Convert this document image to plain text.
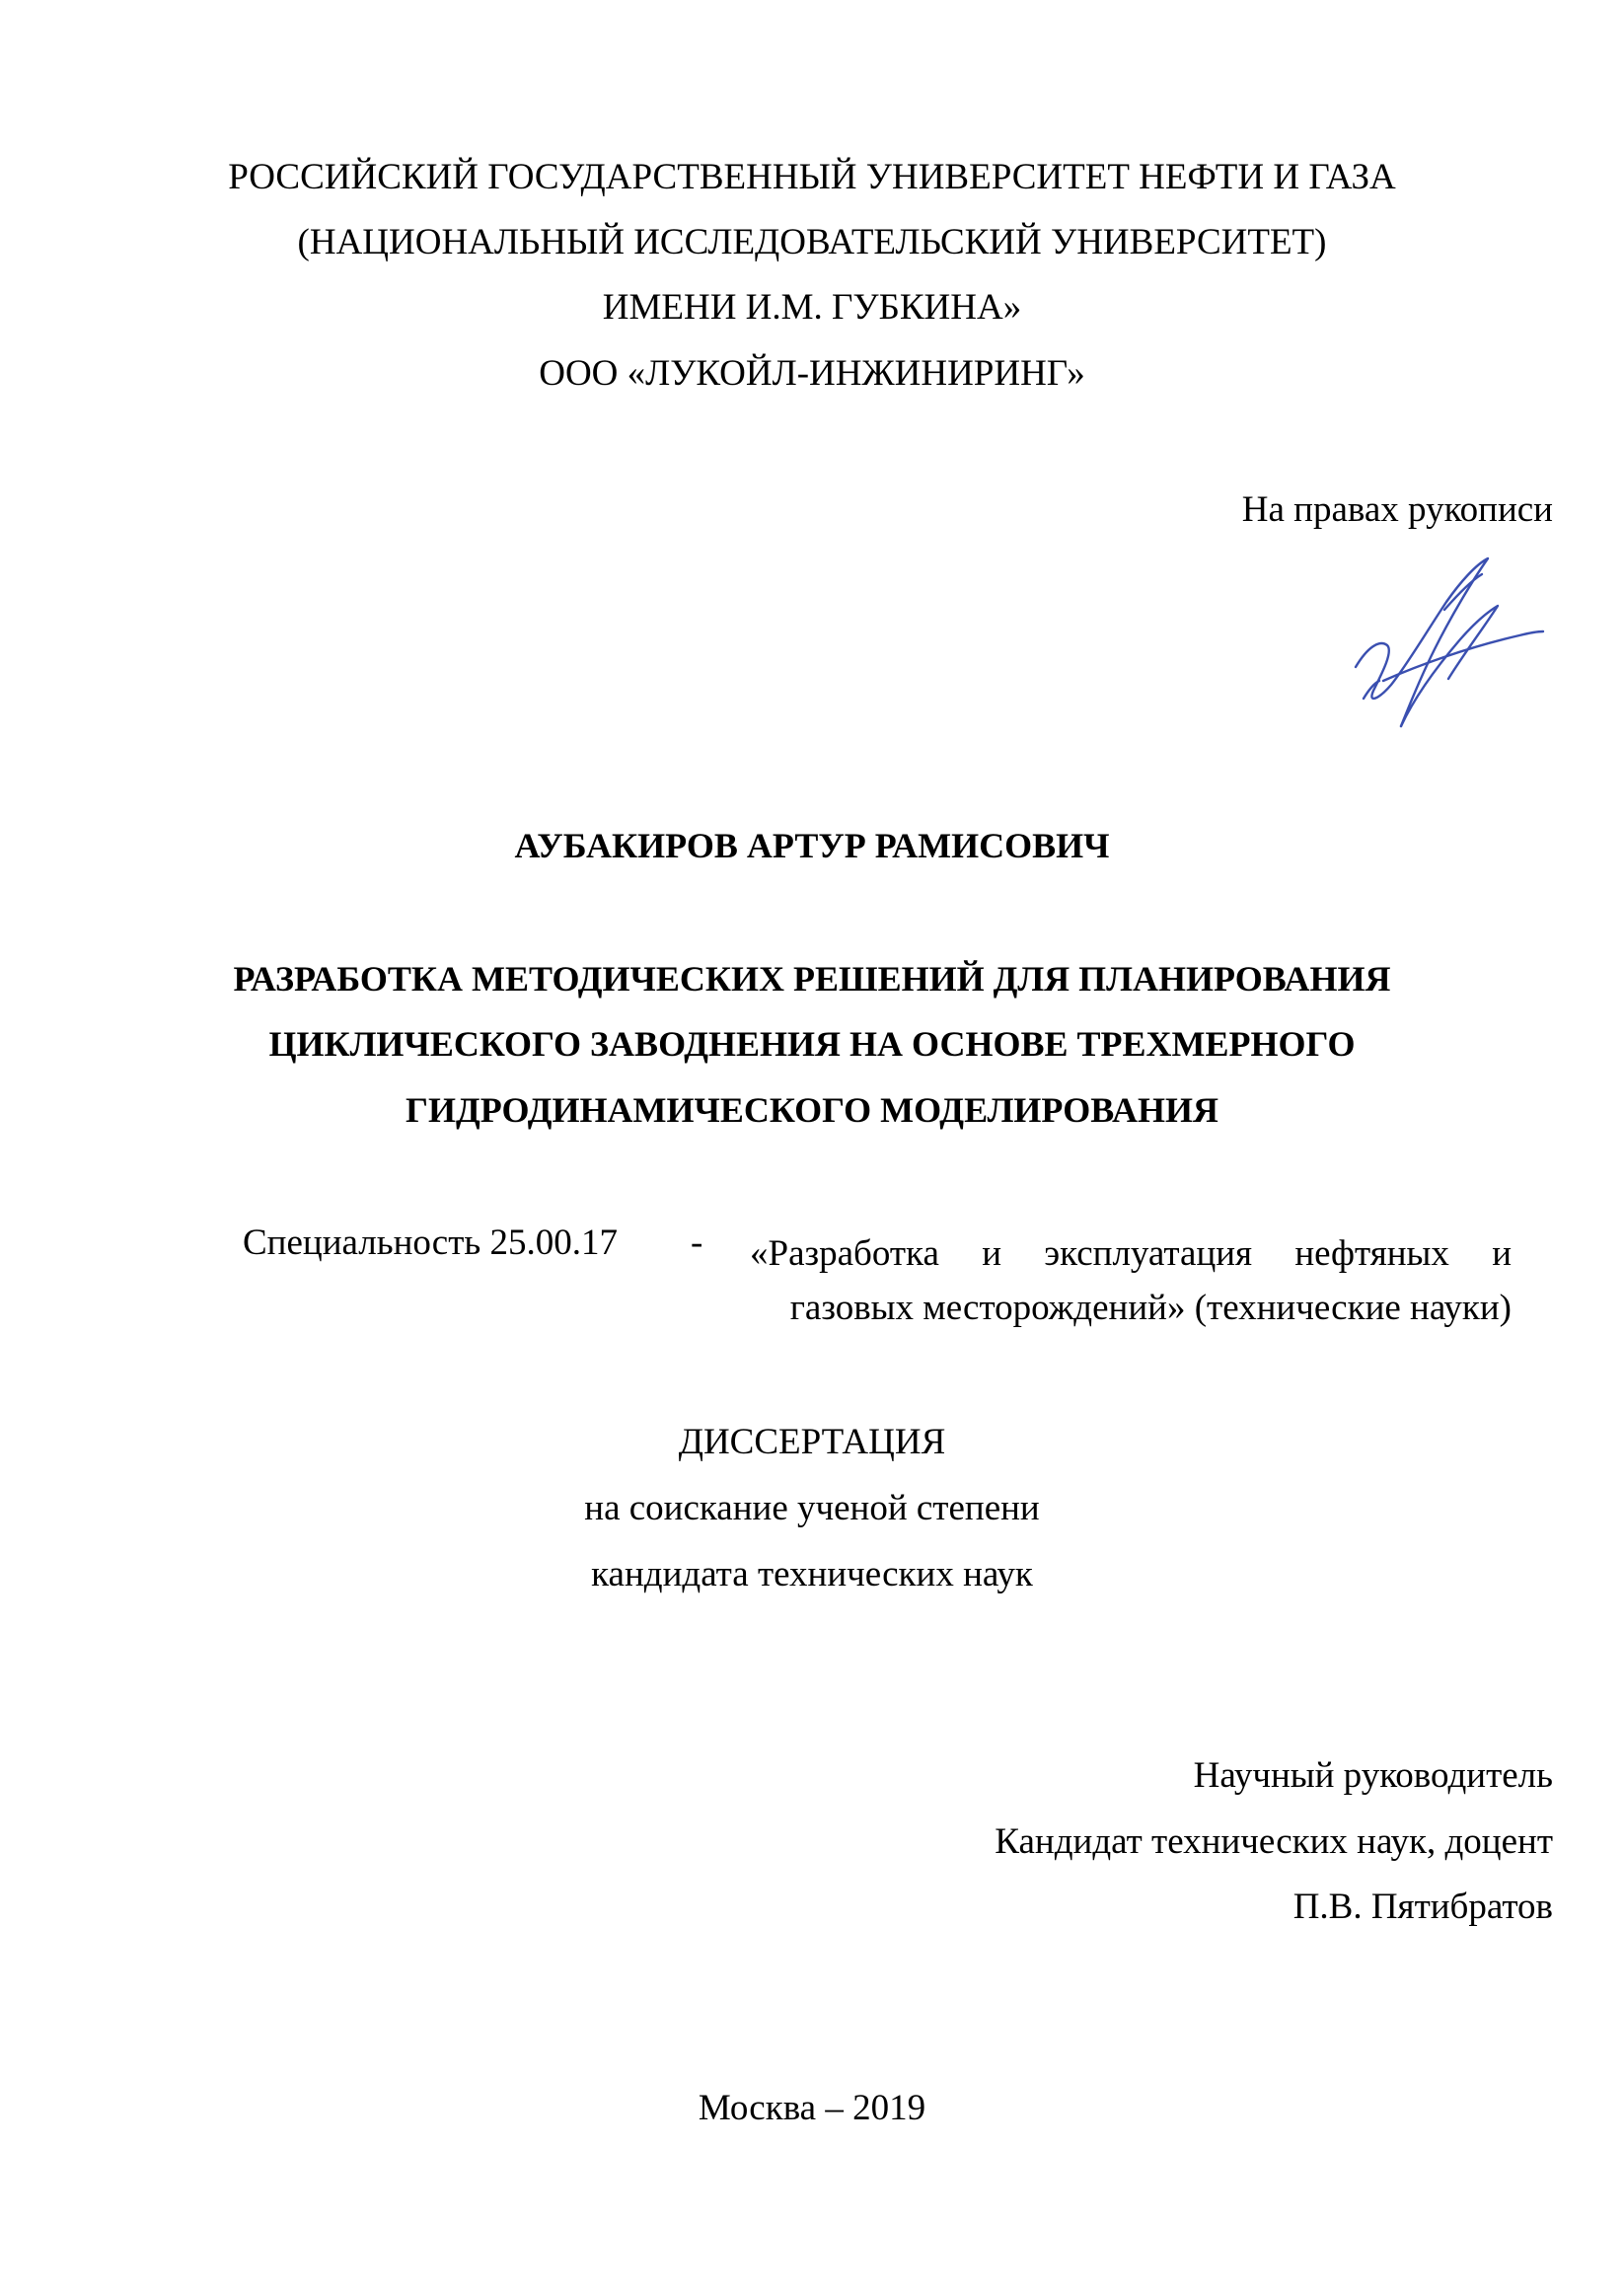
РОССИЙСКИЙ ГОСУДАРСТВЕННЫЙ УНИВЕРСИТЕТ НЕФТИ И ГАЗА
(НАЦИОНАЛЬНЫЙ ИССЛЕДОВАТЕЛЬСКИЙ УНИВЕРСИТЕТ)
ИМЕНИ И.М. ГУБКИНА»
ООО «ЛУКОЙЛ-ИНЖИНИРИНГ»
На правах рукописи
АУБАКИРОВ АРТУР РАМИСОВИЧ
РАЗРАБОТКА МЕТОДИЧЕСКИХ РЕШЕНИЙ ДЛЯ ПЛАНИРОВАНИЯ
ЦИКЛИЧЕСКОГО ЗАВОДНЕНИЯ НА ОСНОВЕ ТРЕХМЕРНОГО
ГИДРОДИНАМИЧЕСКОГО МОДЕЛИРОВАНИЯ
Специальность 25.00.17 - «Разработка и эксплуатация нефтяных и
газовых месторождений» (технические науки)
ДИССЕРТАЦИЯ
на соискание ученой степени
кандидата технических наук
Научный руководитель
Кандидат технических наук, доцент
П.В. Пятибратов
Москва – 2019
